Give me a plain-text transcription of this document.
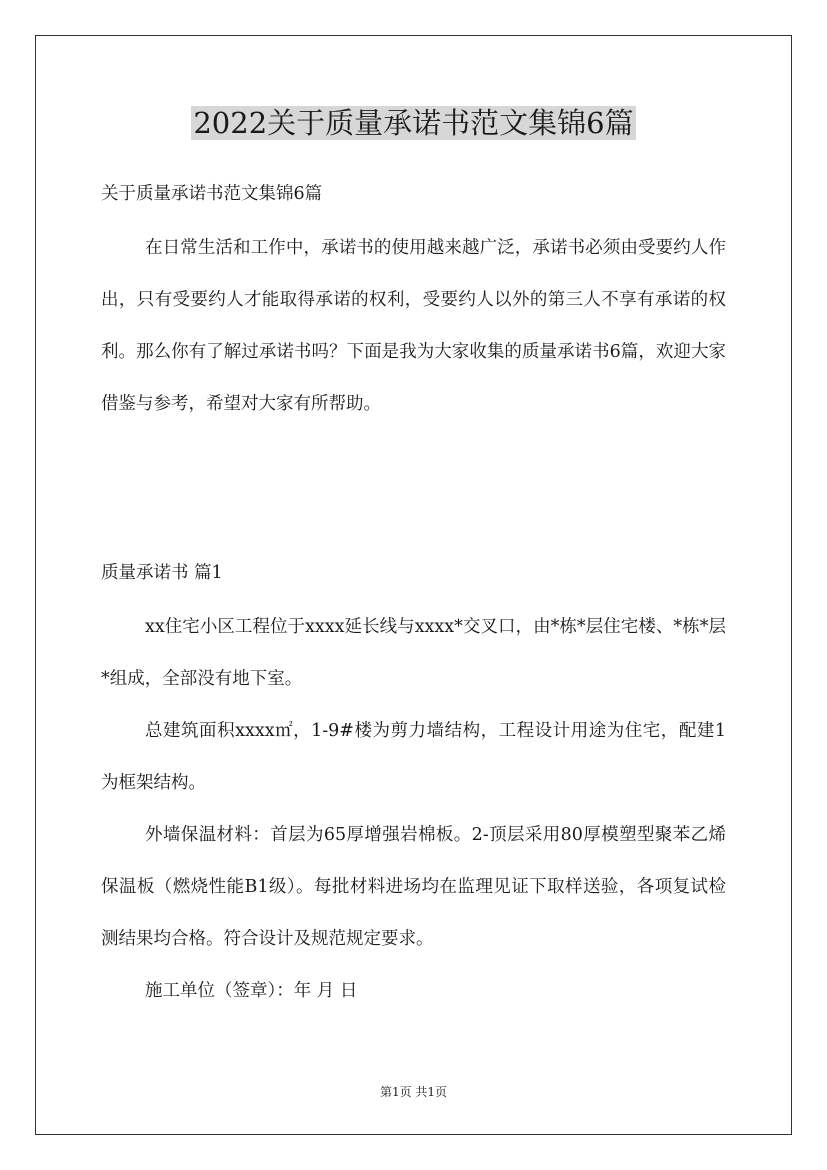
2022关于质量承诺书范文集锦6篇
关于质量承诺书范文集锦6篇

在日常生活和工作中，承诺书的使用越来越广泛，承诺书必须由受要约人作出，只有受要约人才能取得承诺的权利，受要约人以外的第三人不享有承诺的权利。那么你有了解过承诺书吗？下面是我为大家收集的质量承诺书6篇，欢迎大家借鉴与参考，希望对大家有所帮助。

质量承诺书 篇1

xx住宅小区工程位于xxxx延长线与xxxx*交叉口，由*栋*层住宅楼、*栋*层*组成，全部没有地下室。

总建筑面积xxxx㎡，1-9#楼为剪力墙结构，工程设计用途为住宅，配建1为框架结构。

外墙保温材料：首层为65厚增强岩棉板。2-顶层采用80厚模塑型聚苯乙烯保温板（燃烧性能B1级）。每批材料进场均在监理见证下取样送验，各项复试检测结果均合格。符合设计及规范规定要求。

施工单位（签章）：年 月 日

第1页 共1页
